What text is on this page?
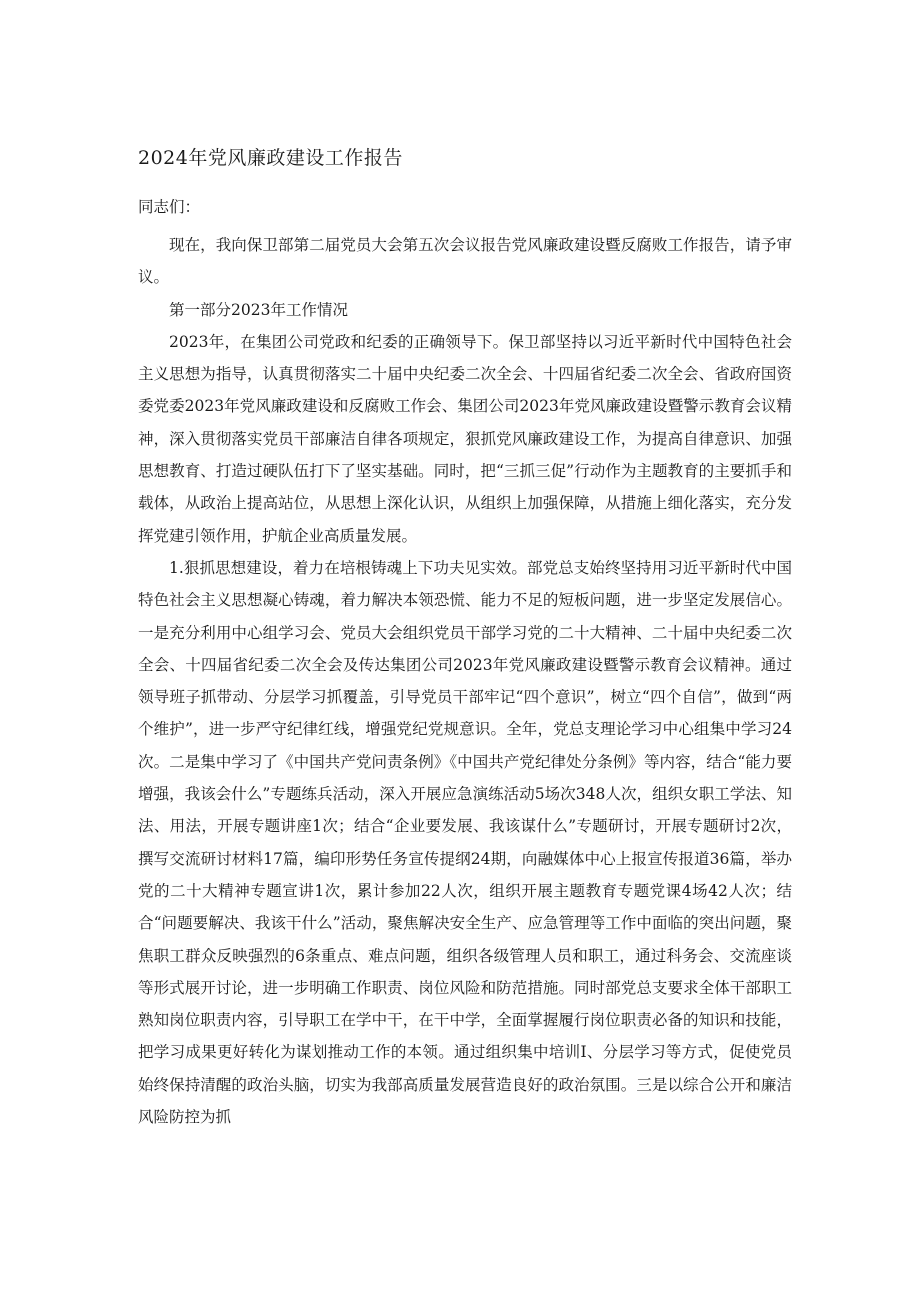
2024年党风廉政建设工作报告
同志们：

现在，我向保卫部第二届党员大会第五次会议报告党风廉政建设暨反腐败工作报告，请予审议。

第一部分2023年工作情况

2023年，在集团公司党政和纪委的正确领导下。保卫部坚持以习近平新时代中国特色社会主义思想为指导，认真贯彻落实二十届中央纪委二次全会、十四届省纪委二次全会、省政府国资委党委2023年党风廉政建设和反腐败工作会、集团公司2023年党风廉政建设暨警示教育会议精神，深入贯彻落实党员干部廉洁自律各项规定，狠抓党风廉政建设工作，为提高自律意识、加强思想教育、打造过硬队伍打下了坚实基础。同时，把“三抓三促”行动作为主题教育的主要抓手和载体，从政治上提高站位，从思想上深化认识，从组织上加强保障，从措施上细化落实，充分发挥党建引领作用，护航企业高质量发展。

1.狠抓思想建设，着力在培根铸魂上下功夫见实效。部党总支始终坚持用习近平新时代中国特色社会主义思想凝心铸魂，着力解决本领恐慌、能力不足的短板问题，进一步坚定发展信心。一是充分利用中心组学习会、党员大会组织党员干部学习党的二十大精神、二十届中央纪委二次全会、十四届省纪委二次全会及传达集团公司2023年党风廉政建设暨警示教育会议精神。通过领导班子抓带动、分层学习抓覆盖，引导党员干部牢记“四个意识”，树立“四个自信”，做到“两个维护”，进一步严守纪律红线，增强党纪党规意识。全年，党总支理论学习中心组集中学习24次。二是集中学习了《中国共产党问责条例》《中国共产党纪律处分条例》等内容，结合“能力要增强，我该会什么”专题练兵活动，深入开展应急演练活动5场次348人次，组织女职工学法、知法、用法，开展专题讲座1次；结合“企业要发展、我该谋什么”专题研讨，开展专题研讨2次，撰写交流研讨材料17篇，编印形势任务宣传提纲24期，向融媒体中心上报宣传报道36篇，举办党的二十大精神专题宣讲1次，累计参加22人次，组织开展主题教育专题党课4场42人次；结合“问题要解决、我该干什么”活动，聚焦解决安全生产、应急管理等工作中面临的突出问题，聚焦职工群众反映强烈的6条重点、难点问题，组织各级管理人员和职工，通过科务会、交流座谈等形式展开讨论，进一步明确工作职责、岗位风险和防范措施。同时部党总支要求全体干部职工熟知岗位职责内容，引导职工在学中干，在干中学，全面掌握履行岗位职责必备的知识和技能，把学习成果更好转化为谋划推动工作的本领。通过组织集中培训I、分层学习等方式，促使党员始终保持清醒的政治头脑，切实为我部高质量发展营造良好的政治氛围。三是以综合公开和廉洁风险防控为抓
